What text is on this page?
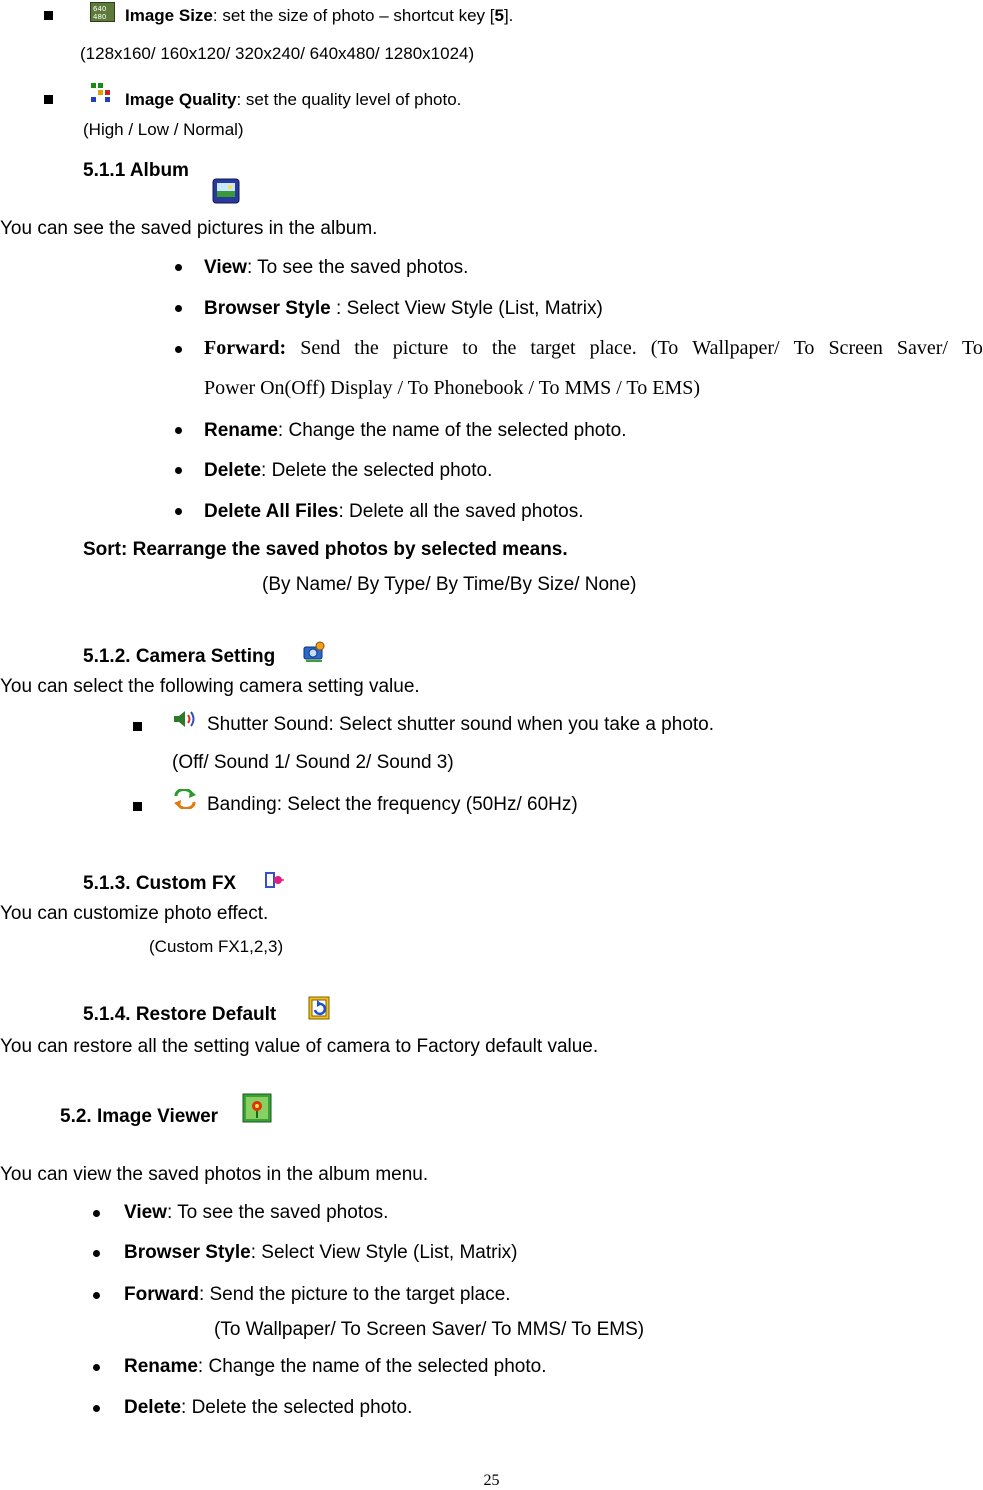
640
480 Image Size: set the size of photo – shortcut key [5].
(128x160/ 160x120/ 320x240/ 640x480/ 1280x1024)
Image Quality: set the quality level of photo.
(High / Low / Normal)
5.1.1 Album
You can see the saved pictures in the album.
View: To see the saved photos.
Browser Style : Select View Style (List, Matrix)
Forward: Send the picture to the target place. (To Wallpaper/ To Screen Saver/ To
Power On(Off) Display / To Phonebook / To MMS / To EMS)
Rename: Change the name of the selected photo.
Delete: Delete the selected photo.
Delete All Files: Delete all the saved photos.
Sort: Rearrange the saved photos by selected means.
(By Name/ By Type/ By Time/By Size/ None)
5.1.2. Camera Setting
You can select the following camera setting value.
Shutter Sound: Select shutter sound when you take a photo.
(Off/ Sound 1/ Sound 2/ Sound 3)
Banding: Select the frequency (50Hz/ 60Hz)
5.1.3. Custom FX
You can customize photo effect.
(Custom FX1,2,3)
5.1.4. Restore Default
You can restore all the setting value of camera to Factory default value.
5.2. Image Viewer
You can view the saved photos in the album menu.
View: To see the saved photos.
Browser Style: Select View Style (List, Matrix)
Forward: Send the picture to the target place.
(To Wallpaper/ To Screen Saver/ To MMS/ To EMS)
Rename: Change the name of the selected photo.
Delete: Delete the selected photo.
25
